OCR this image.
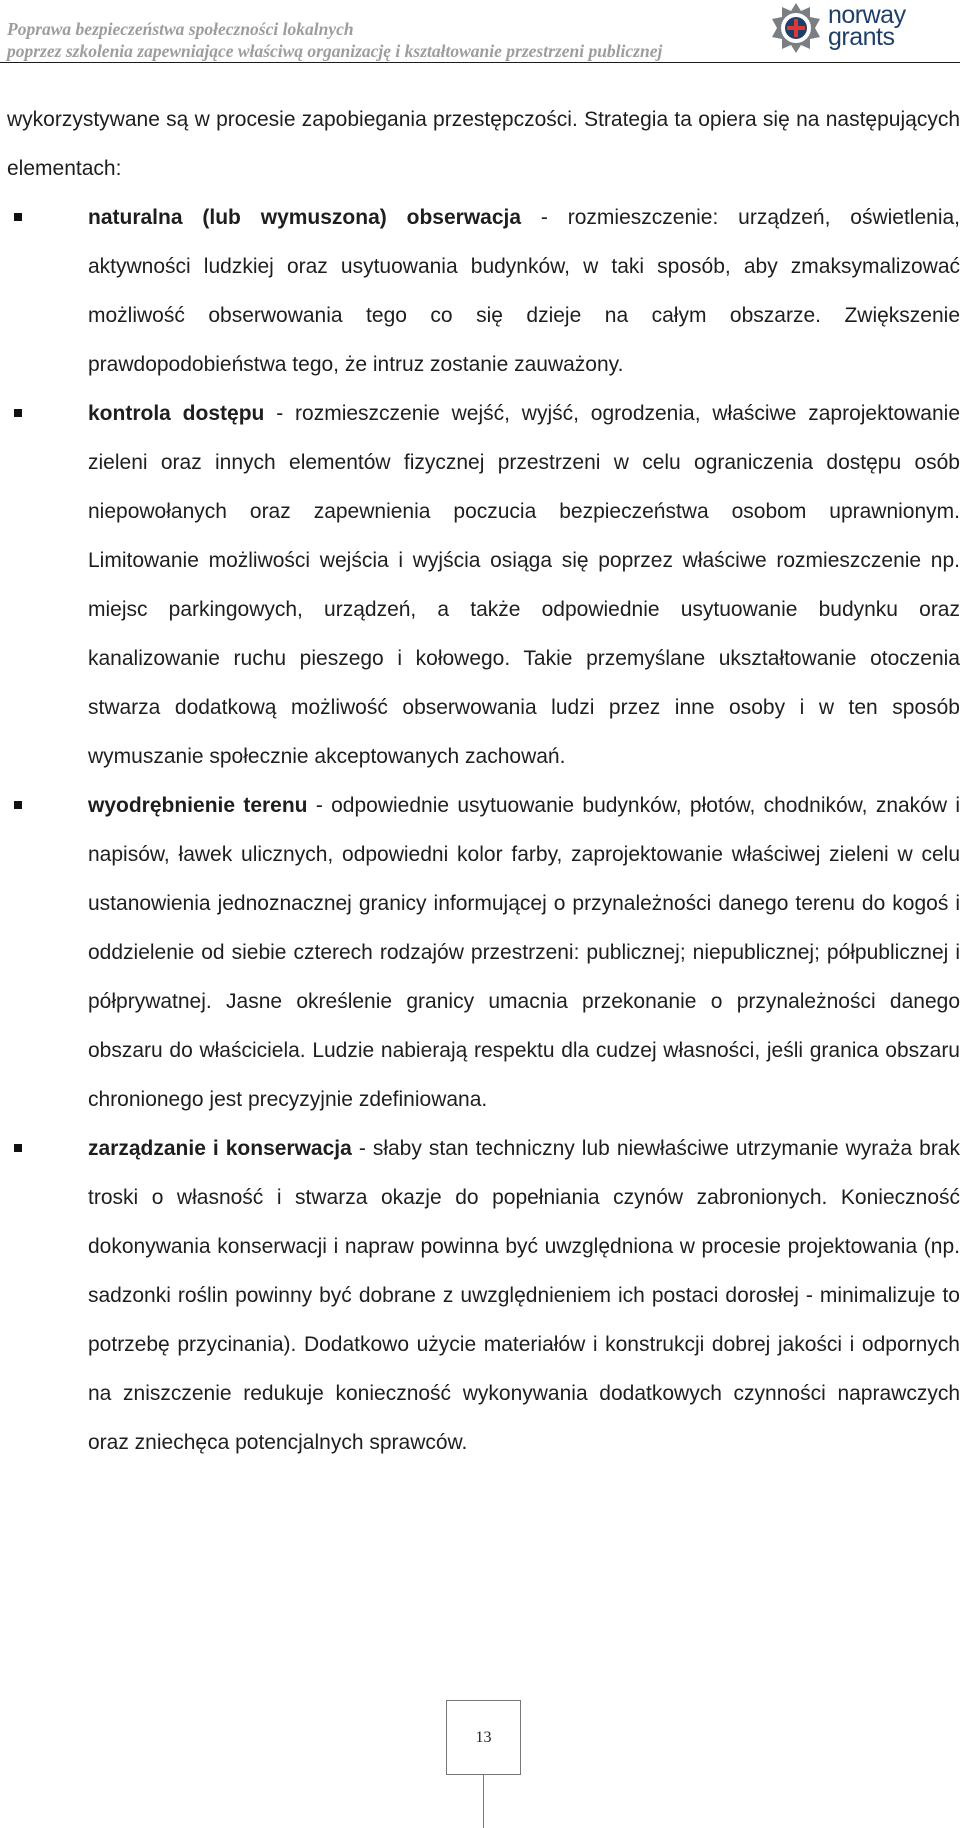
Poprawa bezpieczeństwa społeczności lokalnych
poprzez szkolenia zapewniające właściwą organizację i kształtowanie przestrzeni publicznej
norway
grants

wykorzystywane są w procesie zapobiegania przestępczości. Strategia ta opiera się na następujących elementach:

naturalna (lub wymuszona) obserwacja - rozmieszczenie: urządzeń, oświetlenia, aktywności ludzkiej oraz usytuowania budynków, w taki sposób, aby zmaksymalizować możliwość obserwowania tego co się dzieje na całym obszarze. Zwiększenie prawdopodobieństwa tego, że intruz zostanie zauważony.
kontrola dostępu - rozmieszczenie wejść, wyjść, ogrodzenia, właściwe zaprojektowanie zieleni oraz innych elementów fizycznej przestrzeni w celu ograniczenia dostępu osób niepowołanych oraz zapewnienia poczucia bezpieczeństwa osobom uprawnionym. Limitowanie możliwości wejścia i wyjścia osiąga się poprzez właściwe rozmieszczenie np. miejsc parkingowych, urządzeń, a także odpowiednie usytuowanie budynku oraz kanalizowanie ruchu pieszego i kołowego. Takie przemyślane ukształtowanie otoczenia stwarza dodatkową możliwość obserwowania ludzi przez inne osoby i w ten sposób wymuszanie społecznie akceptowanych zachowań.
wyodrębnienie terenu - odpowiednie usytuowanie budynków, płotów, chodników, znaków i napisów, ławek ulicznych, odpowiedni kolor farby, zaprojektowanie właściwej zieleni w celu ustanowienia jednoznacznej granicy informującej o przynależności danego terenu do kogoś i oddzielenie od siebie czterech rodzajów przestrzeni: publicznej; niepublicznej; półpublicznej i półprywatnej. Jasne określenie granicy umacnia przekonanie o przynależności danego obszaru do właściciela. Ludzie nabierają respektu dla cudzej własności, jeśli granica obszaru chronionego jest precyzyjnie zdefiniowana.
zarządzanie i konserwacja - słaby stan techniczny lub niewłaściwe utrzymanie wyraża brak troski o własność i stwarza okazje do popełniania czynów zabronionych. Konieczność dokonywania konserwacji i napraw powinna być uwzględniona w procesie projektowania (np. sadzonki roślin powinny być dobrane z uwzględnieniem ich postaci dorosłej - minimalizuje to potrzebę przycinania). Dodatkowo użycie materiałów i konstrukcji dobrej jakości i odpornych na zniszczenie redukuje konieczność wykonywania dodatkowych czynności naprawczych oraz zniechęca potencjalnych sprawców.
13
